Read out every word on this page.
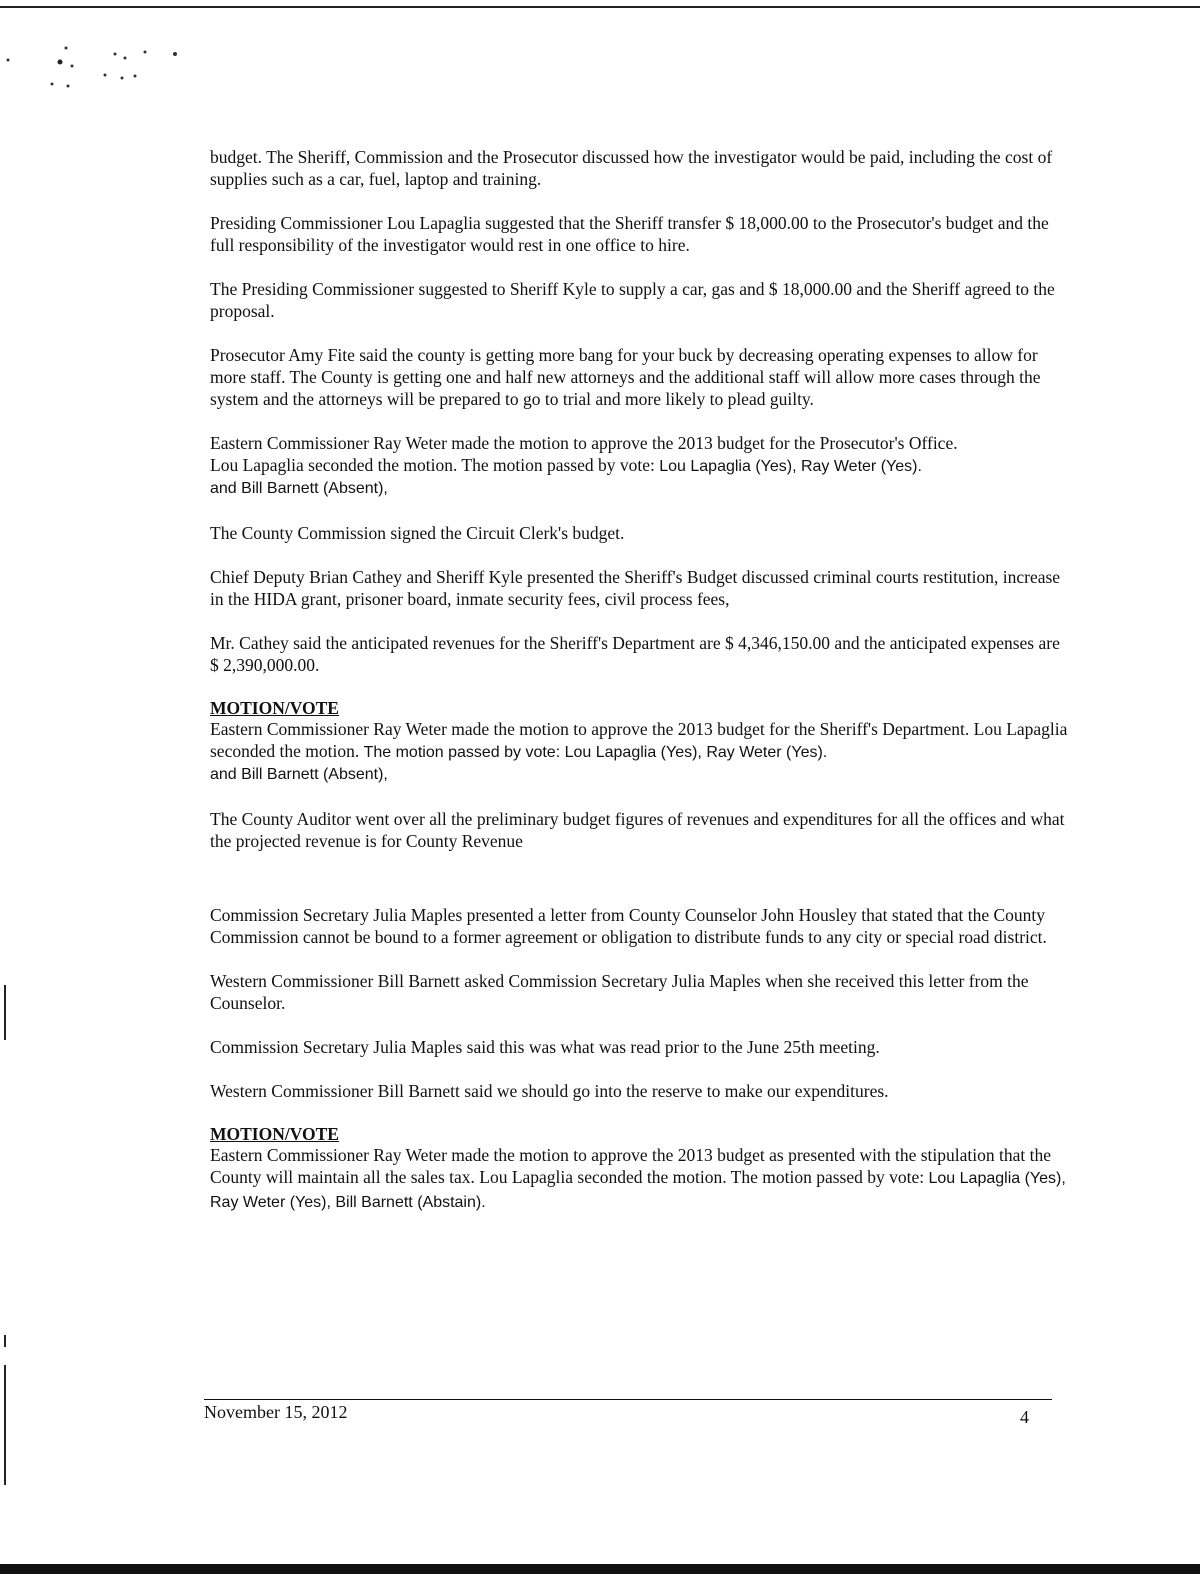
budget. The Sheriff, Commission and the Prosecutor discussed how the investigator would be paid, including the cost of supplies such as a car, fuel, laptop and training.

Presiding Commissioner Lou Lapaglia suggested that the Sheriff transfer $ 18,000.00 to the Prosecutor's budget and the full responsibility of the investigator would rest in one office to hire.

The Presiding Commissioner suggested to Sheriff Kyle to supply a car, gas and $ 18,000.00 and the Sheriff agreed to the proposal.

Prosecutor Amy Fite said the county is getting more bang for your buck by decreasing operating expenses to allow for more staff. The County is getting one and half new attorneys and the additional staff will allow more cases through the system and the attorneys will be prepared to go to trial and more likely to plead guilty.

Eastern Commissioner Ray Weter made the motion to approve the 2013 budget for the Prosecutor's Office.
Lou Lapaglia seconded the motion. The motion passed by vote: Lou Lapaglia (Yes), Ray Weter (Yes).
and Bill Barnett (Absent),

The County Commission signed the Circuit Clerk's budget.

Chief Deputy Brian Cathey and Sheriff Kyle presented the Sheriff's Budget discussed criminal courts restitution, increase in the HIDA grant, prisoner board, inmate security fees, civil process fees,

Mr. Cathey said the anticipated revenues for the Sheriff's Department are $ 4,346,150.00 and the anticipated expenses are $ 2,390,000.00.

MOTION/VOTE

Eastern Commissioner Ray Weter made the motion to approve the 2013 budget for the Sheriff's Department. Lou Lapaglia seconded the motion. The motion passed by vote: Lou Lapaglia (Yes), Ray Weter (Yes).
and Bill Barnett (Absent),

The County Auditor went over all the preliminary budget figures of revenues and expenditures for all the offices and what the projected revenue is for County Revenue

Commission Secretary Julia Maples presented a letter from County Counselor John Housley that stated that the County Commission cannot be bound to a former agreement or obligation to distribute funds to any city or special road district.

Western Commissioner Bill Barnett asked Commission Secretary Julia Maples when she received this letter from the Counselor.

Commission Secretary Julia Maples said this was what was read prior to the June 25th meeting.

Western Commissioner Bill Barnett said we should go into the reserve to make our expenditures.

MOTION/VOTE

Eastern Commissioner Ray Weter made the motion to approve the 2013 budget as presented with the stipulation that the County will maintain all the sales tax. Lou Lapaglia seconded the motion. The motion passed by vote: Lou Lapaglia (Yes), Ray Weter (Yes), Bill Barnett (Abstain).

November 15, 2012	4
